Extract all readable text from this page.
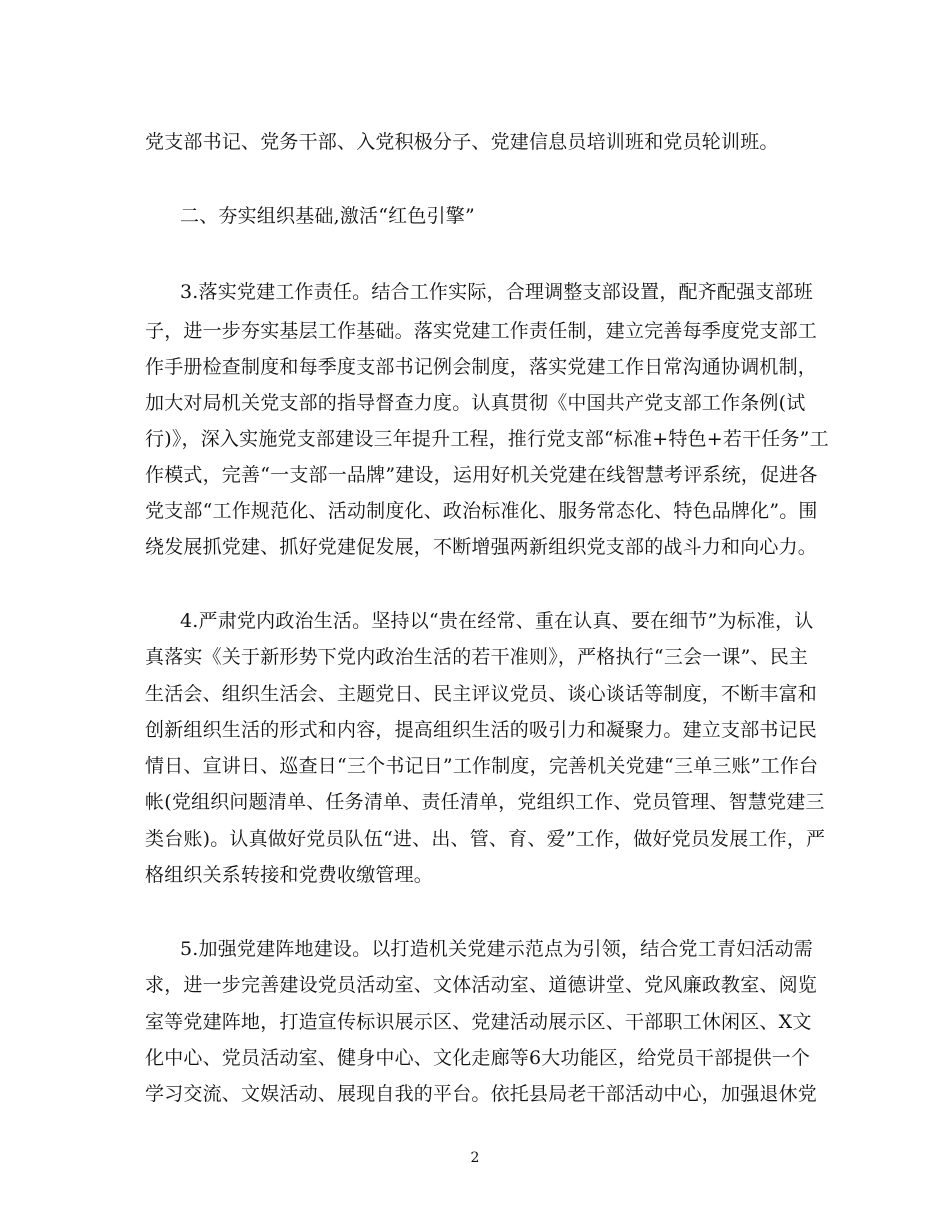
党支部书记、党务干部、入党积极分子、党建信息员培训班和党员轮训班。
二、夯实组织基础,激活“红色引擎”
3.落实党建工作责任。结合工作实际，合理调整支部设置，配齐配强支部班
子，进一步夯实基层工作基础。落实党建工作责任制，建立完善每季度党支部工
作手册检查制度和每季度支部书记例会制度，落实党建工作日常沟通协调机制，
加大对局机关党支部的指导督查力度。认真贯彻《中国共产党支部工作条例(试
行)》，深入实施党支部建设三年提升工程，推行党支部“标准+特色+若干任务”工
作模式，完善“一支部一品牌”建设，运用好机关党建在线智慧考评系统，促进各
党支部“工作规范化、活动制度化、政治标准化、服务常态化、特色品牌化”。围
绕发展抓党建、抓好党建促发展，不断增强两新组织党支部的战斗力和向心力。
4.严肃党内政治生活。坚持以“贵在经常、重在认真、要在细节”为标准，认
真落实《关于新形势下党内政治生活的若干准则》，严格执行“三会一课”、民主
生活会、组织生活会、主题党日、民主评议党员、谈心谈话等制度，不断丰富和
创新组织生活的形式和内容，提高组织生活的吸引力和凝聚力。建立支部书记民
情日、宣讲日、巡查日“三个书记日”工作制度，完善机关党建“三单三账”工作台
帐(党组织问题清单、任务清单、责任清单，党组织工作、党员管理、智慧党建三
类台账)。认真做好党员队伍“进、出、管、育、爱”工作，做好党员发展工作，严
格组织关系转接和党费收缴管理。
5.加强党建阵地建设。以打造机关党建示范点为引领，结合党工青妇活动需
求，进一步完善建设党员活动室、文体活动室、道德讲堂、党风廉政教室、阅览
室等党建阵地，打造宣传标识展示区、党建活动展示区、干部职工休闲区、X文
化中心、党员活动室、健身中心、文化走廊等6大功能区，给党员干部提供一个
学习交流、文娱活动、展现自我的平台。依托县局老干部活动中心，加强退休党
2
